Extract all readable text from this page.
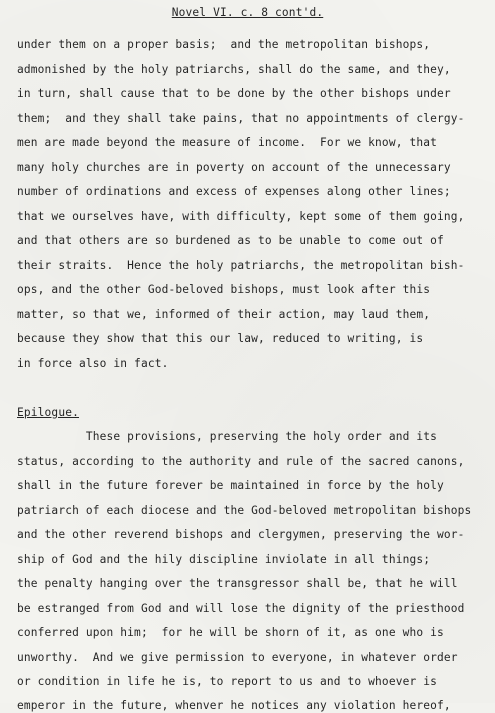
Novel VI. c. 8 cont'd.
under them on a proper basis;  and the metropolitan bishops,
admonished by the holy patriarchs, shall do the same, and they,
in turn, shall cause that to be done by the other bishops under
them;  and they shall take pains, that no appointments of clergy-
men are made beyond the measure of income.  For we know, that
many holy churches are in poverty on account of the unnecessary
number of ordinations and excess of expenses along other lines;
that we ourselves have, with difficulty, kept some of them going,
and that others are so burdened as to be unable to come out of
their straits.  Hence the holy patriarchs, the metropolitan bish-
ops, and the other God-beloved bishops, must look after this
matter, so that we, informed of their action, may laud them,
because they show that this our law, reduced to writing, is
in force also in fact.
Epilogue.
These provisions, preserving the holy order and its
status, according to the authority and rule of the sacred canons,
shall in the future forever be maintained in force by the holy
patriarch of each diocese and the God-beloved metropolitan bishops
and the other reverend bishops and clergymen, preserving the wor-
ship of God and the hily discipline inviolate in all things;
the penalty hanging over the transgressor shall be, that he will
be estranged from God and will lose the dignity of the priesthood
conferred upon him;  for he will be shorn of it, as one who is
unworthy.  And we give permission to everyone, in whatever order
or condition in life he is, to report to us and to whoever is
emperor in the future, whenver he notices any violation hereof,
